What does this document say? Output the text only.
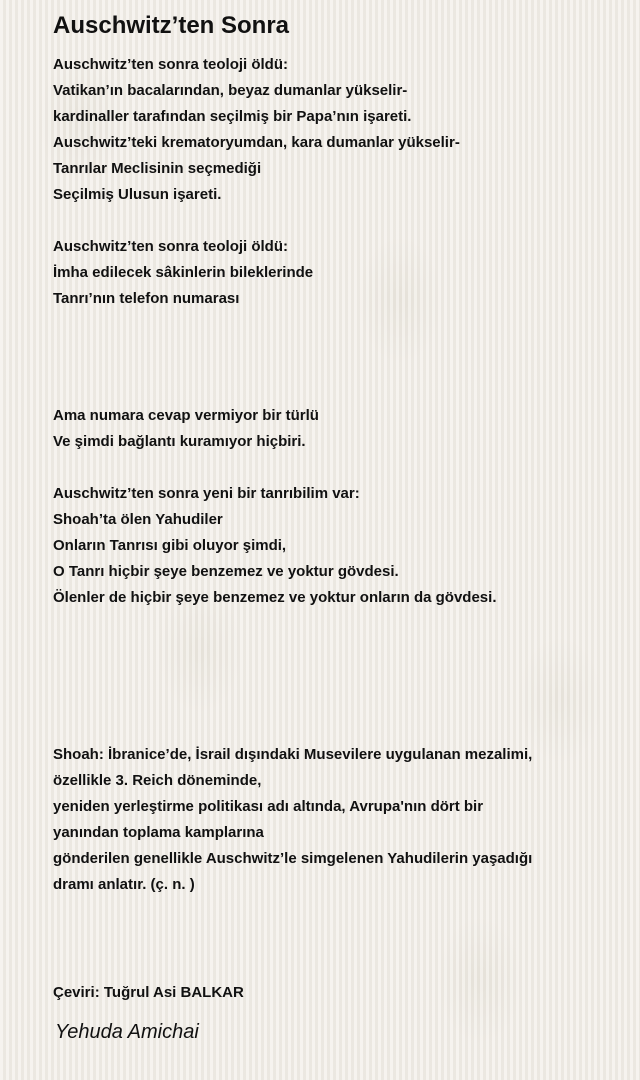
Auschwitz’ten Sonra
Auschwitz’ten sonra teoloji öldü:
Vatikan’ın bacalarından, beyaz dumanlar yükselir-
kardinaller tarafından seçilmiş bir Papa’nın işareti.
Auschwitz’teki krematoryumdan, kara dumanlar yükselir-
Tanrılar Meclisinin seçmediği
Seçilmiş Ulusun işareti.
Auschwitz’ten sonra teoloji öldü:
İmha edilecek sâkinlerin bileklerinde
Tanrı’nın telefon numarası
Ama numara cevap vermiyor bir türlü
Ve şimdi bağlantı kuramıyor hiçbiri.
Auschwitz’ten sonra yeni bir tanrıbilim var:
Shoah’ta ölen Yahudiler
Onların Tanrısı gibi oluyor şimdi,
O Tanrı hiçbir şeye benzemez ve yoktur gövdesi.
Ölenler de hiçbir şeye benzemez ve yoktur onların da gövdesi.
Shoah: İbranice’de, İsrail dışındaki Musevilere uygulanan mezalimi,
özellikle 3. Reich döneminde,
yeniden yerleştirme politikası adı altında, Avrupa'nın dört bir
yanından toplama kamplarına
gönderilen genellikle Auschwitz’le simgelenen Yahudilerin yaşadığı
dramı anlatır. (ç. n. )
Çeviri: Tuğrul Asi BALKAR
Yehuda Amichai
